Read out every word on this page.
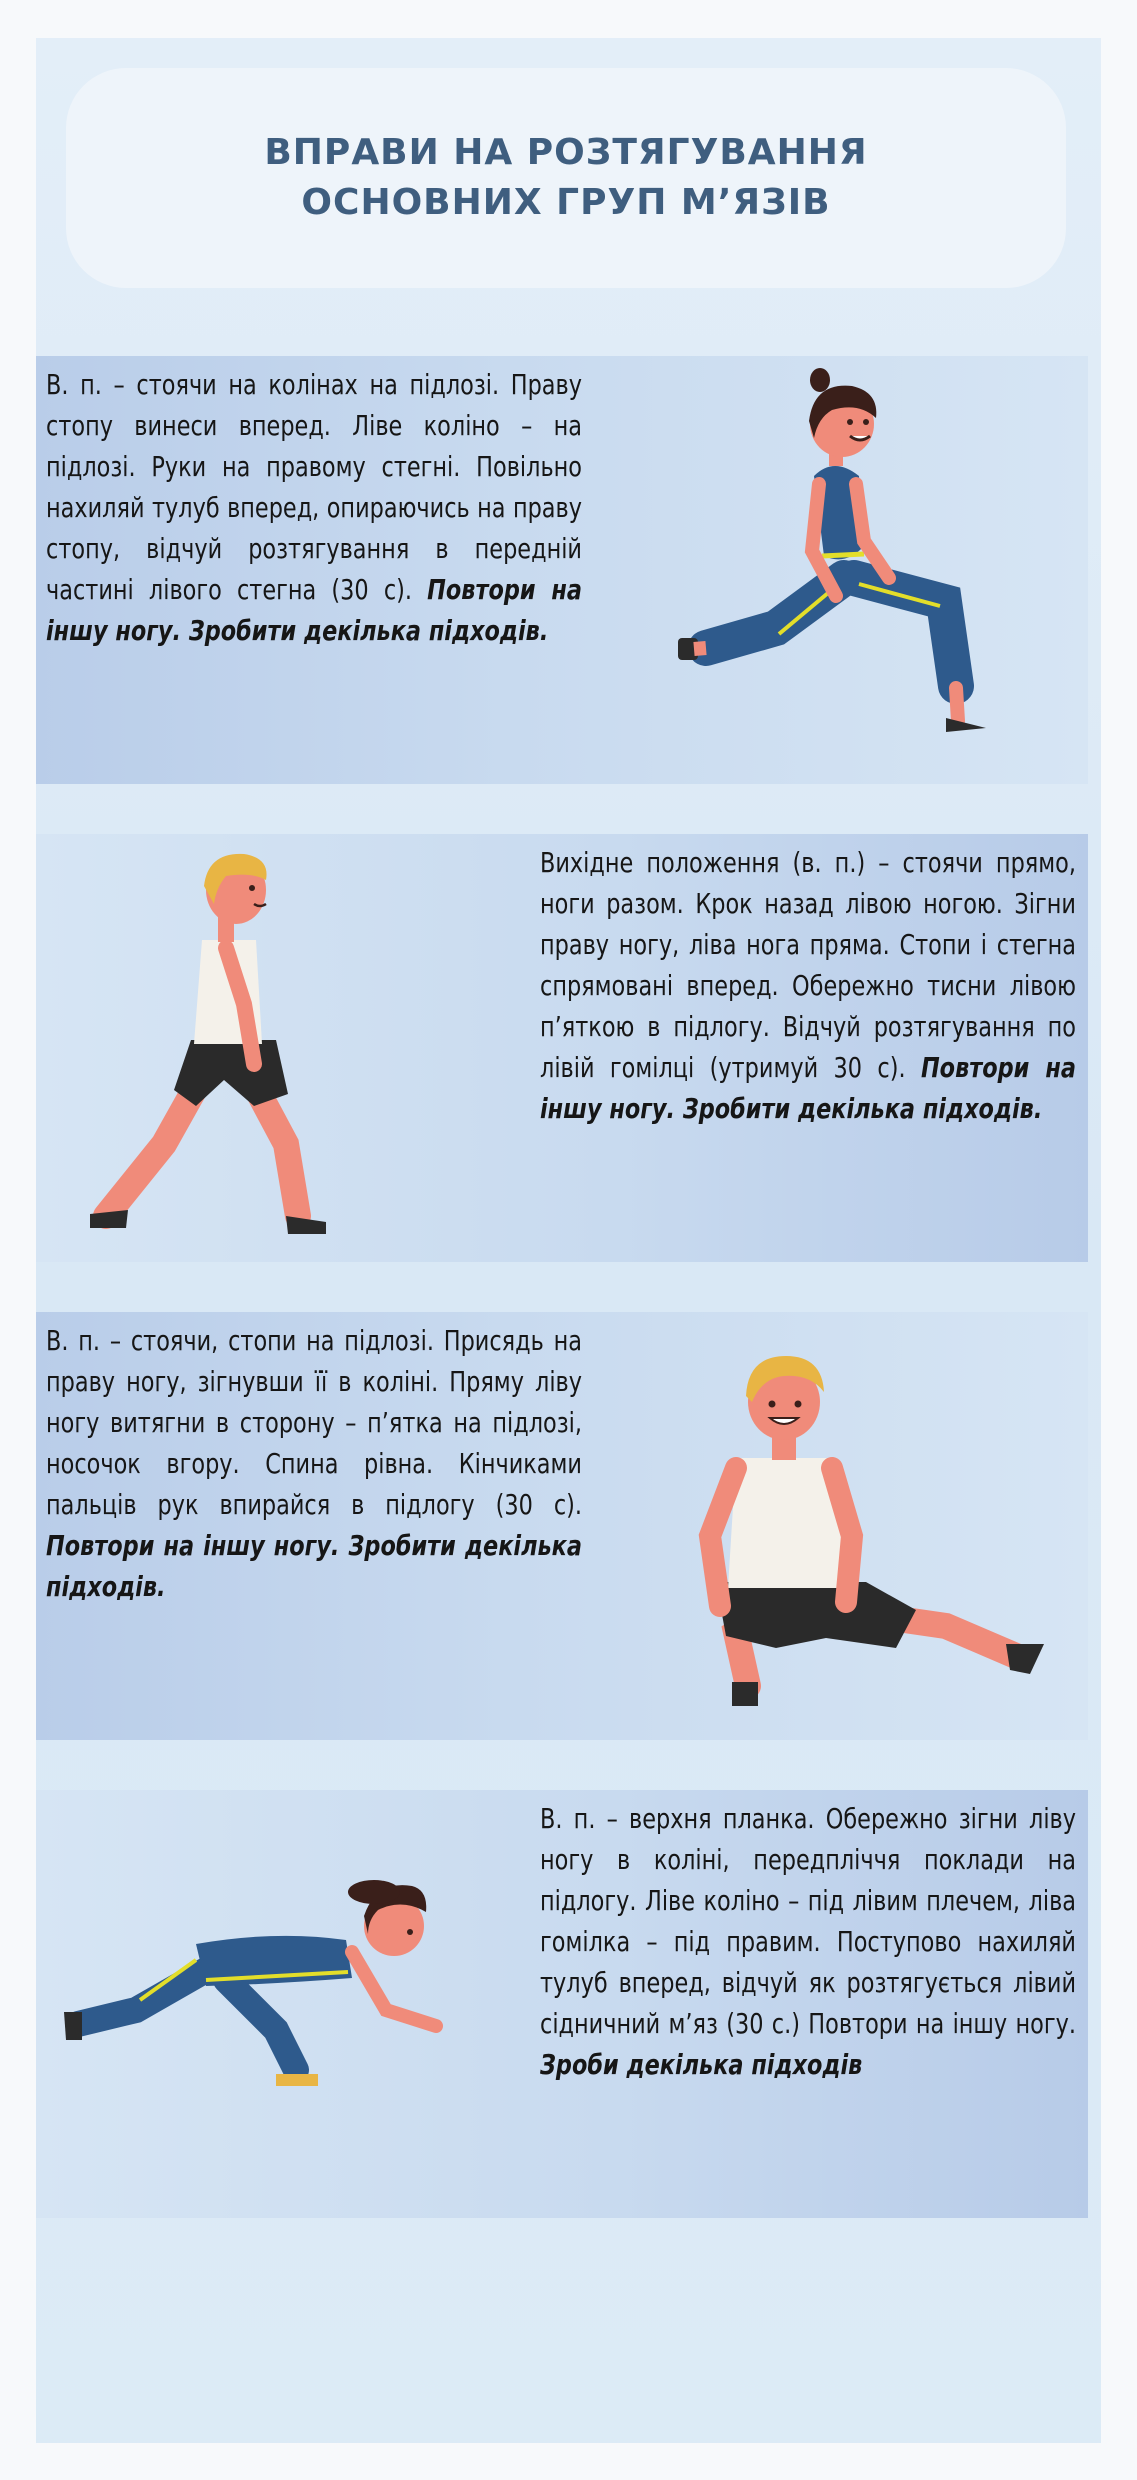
ВПРАВИ НА РОЗТЯГУВАННЯ
ОСНОВНИХ ГРУП М’ЯЗІВ

В. п. – стоячи на колінах на підлозі. Праву стопу винеси вперед. Ліве коліно – на підлозі. Руки на правому стегні. Повільно нахиляй тулуб вперед, опираючись на праву стопу, відчуй розтягування в передній частині лівого стегна (30 с). Повтори на іншу ногу. Зробити декілька підходів.

Вихідне положення (в. п.) – стоячи прямо, ноги разом. Крок назад лівою ногою. Зігни праву ногу, ліва нога пряма. Стопи і стегна спрямовані вперед. Обережно тисни лівою п’яткою в підлогу. Відчуй розтягування по лівій гомілці (утримуй 30 с). Повтори на іншу ногу. Зробити декілька підходів.

В. п. – стоячи, стопи на підлозі. Присядь на праву ногу, зігнувши її в коліні. Пряму ліву ногу витягни в сторону – п’ятка на підлозі, носочок вгору. Спина рівна. Кінчиками пальців рук впирайся в підлогу (30 с). Повтори на іншу ногу. Зробити декілька підходів.

В. п. – верхня планка. Обережно зігни ліву ногу в коліні, передпліччя поклади на підлогу. Ліве коліно – під лівим плечем, ліва гомілка – під правим. Поступово нахиляй тулуб вперед, відчуй як розтягується лівий сідничний м’яз (30 с.) Повтори на іншу ногу. Зроби декілька підходів
